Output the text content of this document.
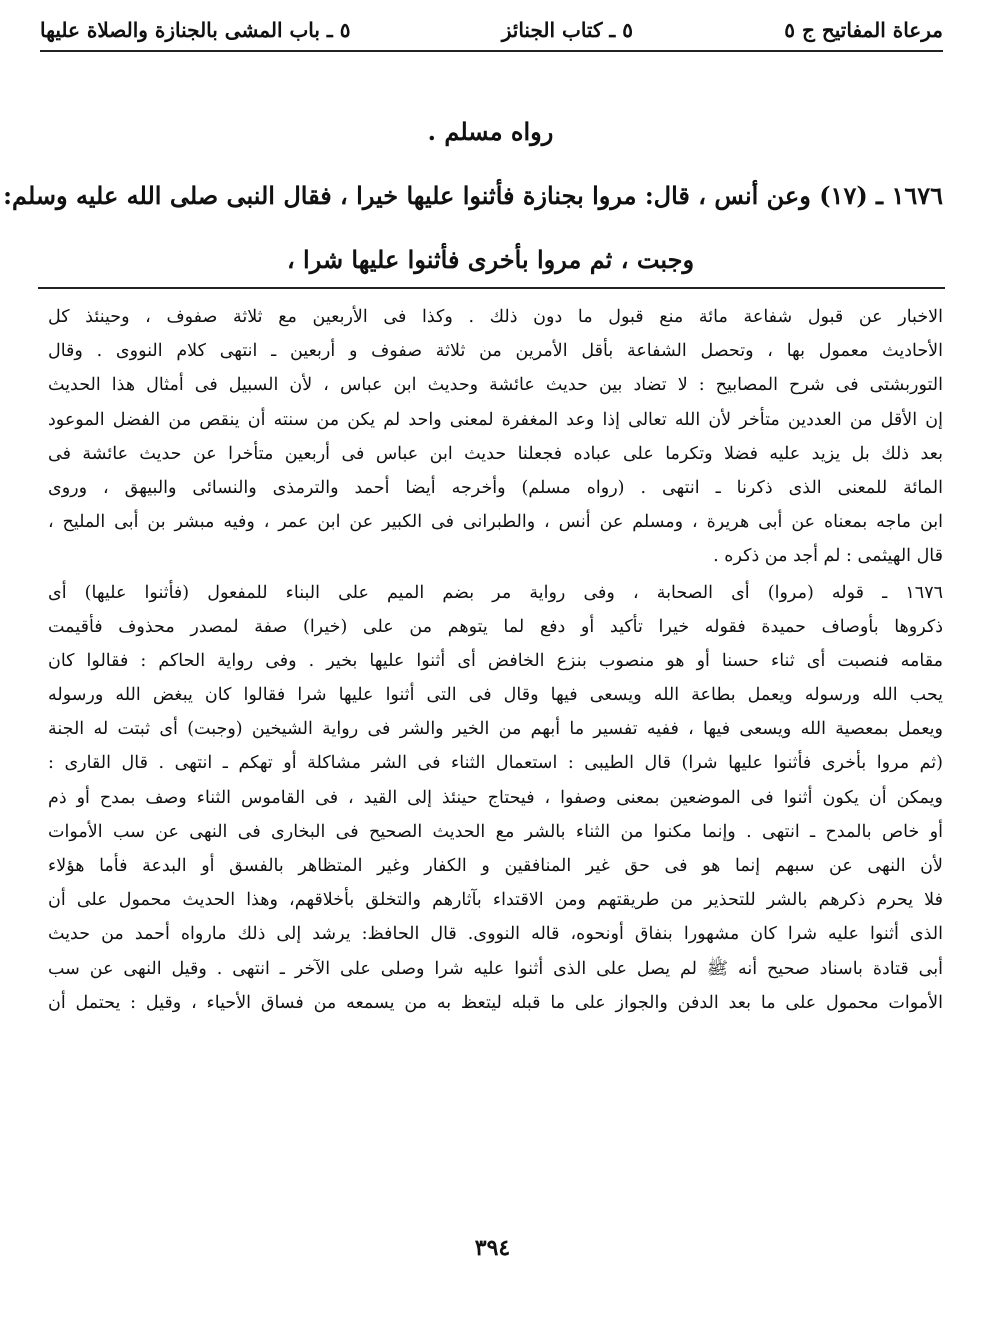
مرعاة المفاتيح ج ٥
٥ ـ كتاب الجنائز
٥ ـ باب المشى بالجنازة والصلاة عليها
رواه مسلم .
١٦٧٦ ـ (١٧) وعن أنس ، قال: مروا بجنازة فأثنوا عليها خيرا ، فقال النبى صلى الله عليه وسلم:
وجبت ، ثم مروا بأخرى فأثنوا عليها شرا ،
الاخبار عن قبول شفاعة مائة منع قبول ما دون ذلك . وكذا فى الأربعين مع ثلاثة صفوف ، وحينئذ كل
الأحاديث معمول بها ، وتحصل الشفاعة بأقل الأمرين من ثلاثة صفوف و أربعين ـ انتهى كلام النووى . وقال
التوربشتى فى شرح المصابيح : لا تضاد بين حديث عائشة وحديث ابن عباس ، لأن السبيل فى أمثال هذا الحديث
إن الأقل من العددين متأخر لأن الله تعالى إذا وعد المغفرة لمعنى واحد لم يكن من سنته أن ينقص من الفضل الموعود
بعد ذلك بل يزيد عليه فضلا وتكرما على عباده فجعلنا حديث ابن عباس فى أربعين متأخرا عن حديث عائشة فى
المائة للمعنى الذى ذكرنا ـ انتهى . (رواه مسلم) وأخرجه أيضا أحمد والترمذى والنسائى والبيهق ، وروى
ابن ماجه بمعناه عن أبى هريرة ، ومسلم عن أنس ، والطبرانى فى الكبير عن ابن عمر ، وفيه مبشر بن أبى المليح ،
قال الهيثمى : لم أجد من ذكره .
١٦٧٦ ـ قوله (مروا) أى الصحابة ، وفى رواية مر بضم الميم على البناء للمفعول (فأثنوا عليها) أى
ذكروها بأوصاف حميدة فقوله خيرا تأكيد أو دفع لما يتوهم من على (خيرا) صفة لمصدر محذوف فأقيمت
مقامه فنصبت أى ثناء حسنا أو هو منصوب بنزع الخافض أى أثنوا عليها بخير . وفى رواية الحاكم : فقالوا كان
يحب الله ورسوله ويعمل بطاعة الله ويسعى فيها وقال فى التى أثنوا عليها شرا فقالوا كان يبغض الله ورسوله
ويعمل بمعصية الله ويسعى فيها ، ففيه تفسير ما أبهم من الخير والشر فى رواية الشيخين (وجبت) أى ثبتت له الجنة
(ثم مروا بأخرى فأثنوا عليها شرا) قال الطيبى : استعمال الثناء فى الشر مشاكلة أو تهكم ـ انتهى . قال القارى :
ويمكن أن يكون أثنوا فى الموضعين بمعنى وصفوا ، فيحتاج حينئذ إلى القيد ، فى القاموس الثناء وصف بمدح أو ذم
أو خاص بالمدح ـ انتهى . وإنما مكنوا من الثناء بالشر مع الحديث الصحيح فى البخارى فى النهى عن سب الأموات
لأن النهى عن سبهم إنما هو فى حق غير المنافقين و الكفار وغير المتظاهر بالفسق أو البدعة فأما هؤلاء
فلا يحرم ذكرهم بالشر للتحذير من طريقتهم ومن الاقتداء بآثارهم والتخلق بأخلاقهم، وهذا الحديث محمول على أن
الذى أثنوا عليه شرا كان مشهورا بنفاق أونحوه، قاله النووى. قال الحافظ: يرشد إلى ذلك مارواه أحمد من حديث
أبى قتادة باسناد صحيح أنه ﷺ لم يصل على الذى أثنوا عليه شرا وصلى على الآخر ـ انتهى . وقيل النهى عن سب
الأموات محمول على ما بعد الدفن والجواز على ما قبله ليتعظ به من يسمعه من فساق الأحياء ، وقيل : يحتمل أن
٣٩٤
